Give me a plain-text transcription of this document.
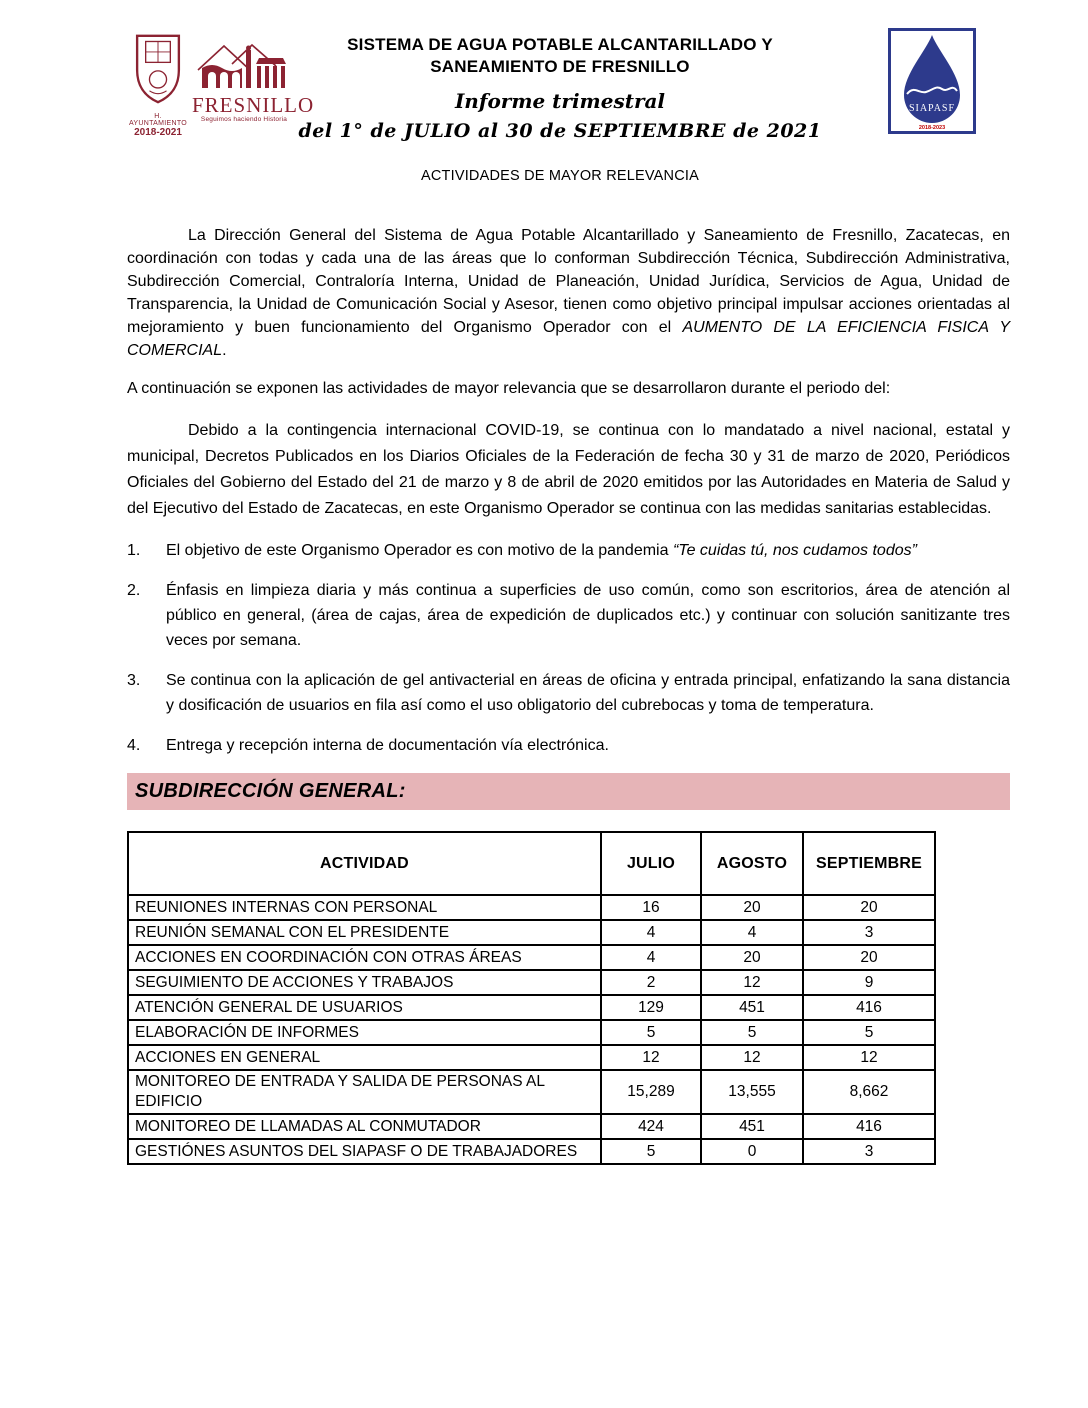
H. AYUNTAMIENTO
2018-2021
FRESNILLO
Seguimos haciendo Historia
SIAPASF
2018-2023
SISTEMA DE AGUA POTABLE ALCANTARILLADO Y
SANEAMIENTO DE FRESNILLO
Informe trimestral
del 1° de JULIO al 30 de SEPTIEMBRE de 2021
ACTIVIDADES DE MAYOR RELEVANCIA

La Dirección General del Sistema de Agua Potable Alcantarillado y Saneamiento de Fresnillo, Zacatecas, en coordinación con todas y cada una de las áreas que lo conforman Subdirección Técnica, Subdirección Administrativa, Subdirección Comercial, Contraloría Interna, Unidad de Planeación, Unidad Jurídica, Servicios de Agua, Unidad de Transparencia, la Unidad de Comunicación Social y Asesor, tienen como objetivo principal impulsar acciones orientadas al mejoramiento y buen funcionamiento del Organismo Operador con el AUMENTO DE LA EFICIENCIA FISICA Y COMERCIAL.

A continuación se exponen las actividades de mayor relevancia que se desarrollaron durante el periodo del:

Debido a la contingencia internacional COVID-19, se continua con lo mandatado a nivel nacional, estatal y municipal, Decretos Publicados en los Diarios Oficiales de la Federación de fecha 30 y 31 de marzo de 2020, Periódicos Oficiales del Gobierno del Estado del 21 de marzo y 8 de abril de 2020 emitidos por las Autoridades en Materia de Salud y del Ejecutivo del Estado de Zacatecas, en este Organismo Operador se continua con las medidas sanitarias establecidas.

1.	El objetivo de este Organismo Operador es con motivo de la pandemia “Te cuidas tú, nos cudamos todos”
2.	Énfasis en limpieza diaria y más continua a superficies de uso común, como son escritorios, área de atención al público en general, (área de cajas, área de expedición de duplicados etc.) y continuar con solución sanitizante tres veces por semana.
3.	Se continua con la aplicación de gel antivacterial en áreas de oficina y entrada principal, enfatizando la sana distancia y dosificación de usuarios en fila así como el uso obligatorio del cubrebocas y toma de temperatura.
4.	Entrega y recepción interna de documentación vía electrónica.
SUBDIRECCIÓN GENERAL:
ACTIVIDAD	JULIO	AGOSTO	SEPTIEMBRE
REUNIONES INTERNAS CON PERSONAL	16	20	20
REUNIÓN SEMANAL CON EL PRESIDENTE	4	4	3
ACCIONES EN COORDINACIÓN CON OTRAS ÁREAS	4	20	20
SEGUIMIENTO DE ACCIONES Y TRABAJOS	2	12	9
ATENCIÓN GENERAL DE USUARIOS	129	451	416
ELABORACIÓN DE INFORMES	5	5	5
ACCIONES EN GENERAL	12	12	12
MONITOREO DE ENTRADA Y SALIDA DE PERSONAS AL EDIFICIO	15,289	13,555	8,662
MONITOREO DE LLAMADAS AL CONMUTADOR	424	451	416
GESTIÓNES ASUNTOS DEL SIAPASF O DE TRABAJADORES	5	0	3
